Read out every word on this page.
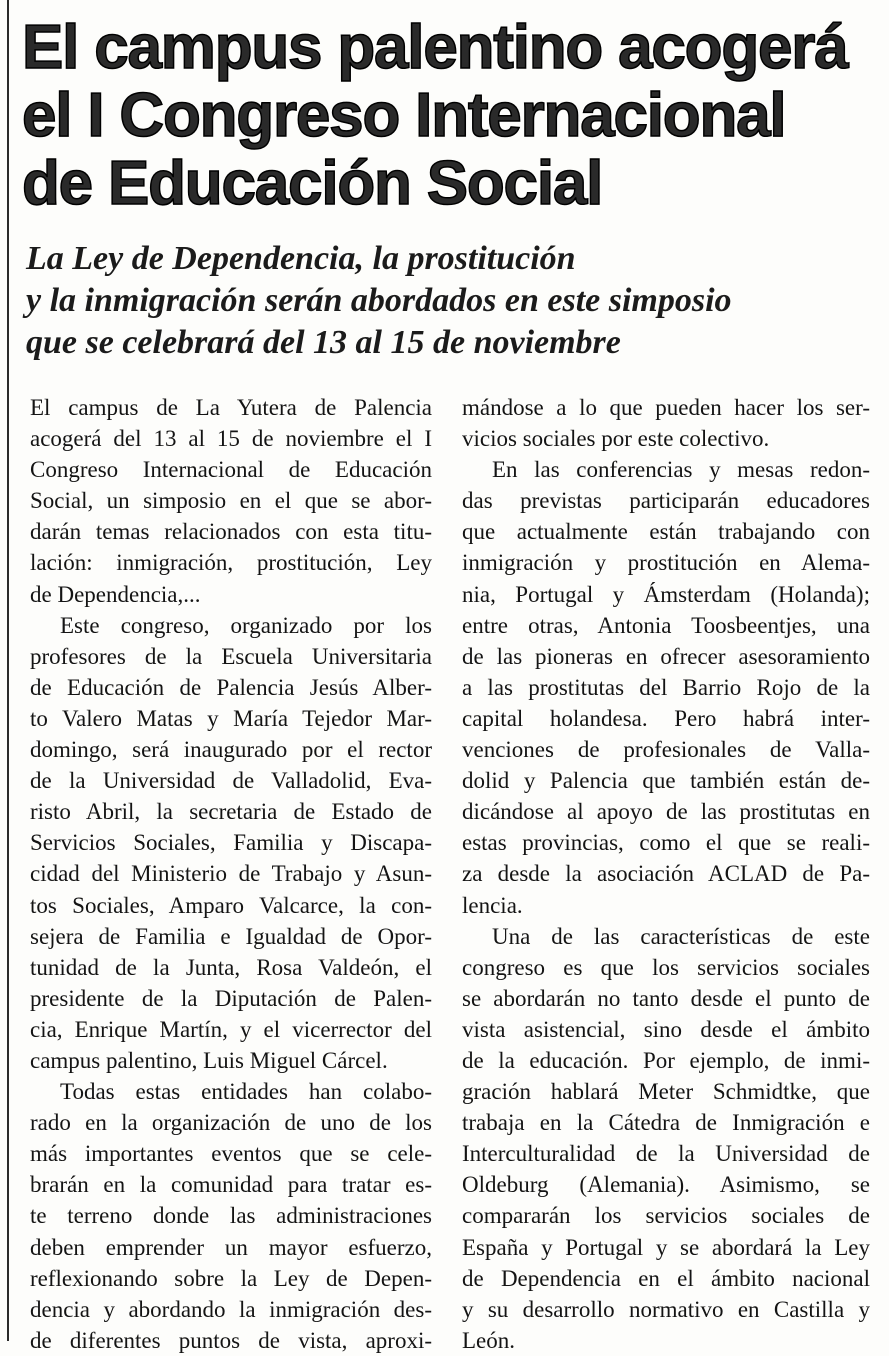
El campus palentino acogerá
el I Congreso Internacional
de Educación Social
La Ley de Dependencia, la prostitución
y la inmigración serán abordados en este simposio
que se celebrará del 13 al 15 de noviembre

El campus de La Yutera de Palencia
acogerá del 13 al 15 de noviembre el I
Congreso Internacional de Educación
Social, un simposio en el que se abor-
darán temas relacionados con esta titu-
lación: inmigración, prostitución, Ley
de Dependencia,...

Este congreso, organizado por los
profesores de la Escuela Universitaria
de Educación de Palencia Jesús Alber-
to Valero Matas y María Tejedor Mar-
domingo, será inaugurado por el rector
de la Universidad de Valladolid, Eva-
risto Abril, la secretaria de Estado de
Servicios Sociales, Familia y Discapa-
cidad del Ministerio de Trabajo y Asun-
tos Sociales, Amparo Valcarce, la con-
sejera de Familia e Igualdad de Opor-
tunidad de la Junta, Rosa Valdeón, el
presidente de la Diputación de Palen-
cia, Enrique Martín, y el vicerrector del
campus palentino, Luis Miguel Cárcel.

Todas estas entidades han colabo-
rado en la organización de uno de los
más importantes eventos que se cele-
brarán en la comunidad para tratar es-
te terreno donde las administraciones
deben emprender un mayor esfuerzo,
reflexionando sobre la Ley de Depen-
dencia y abordando la inmigración des-
de diferentes puntos de vista, aproxi-

mándose a lo que pueden hacer los ser-
vicios sociales por este colectivo.

En las conferencias y mesas redon-
das previstas participarán educadores
que actualmente están trabajando con
inmigración y prostitución en Alema-
nia, Portugal y Ámsterdam (Holanda);
entre otras, Antonia Toosbeentjes, una
de las pioneras en ofrecer asesoramiento
a las prostitutas del Barrio Rojo de la
capital holandesa. Pero habrá inter-
venciones de profesionales de Valla-
dolid y Palencia que también están de-
dicándose al apoyo de las prostitutas en
estas provincias, como el que se reali-
za desde la asociación ACLAD de Pa-
lencia.

Una de las características de este
congreso es que los servicios sociales
se abordarán no tanto desde el punto de
vista asistencial, sino desde el ámbito
de la educación. Por ejemplo, de inmi-
gración hablará Meter Schmidtke, que
trabaja en la Cátedra de Inmigración e
Interculturalidad de la Universidad de
Oldeburg (Alemania). Asimismo, se
compararán los servicios sociales de
España y Portugal y se abordará la Ley
de Dependencia en el ámbito nacional
y su desarrollo normativo en Castilla y
León.
